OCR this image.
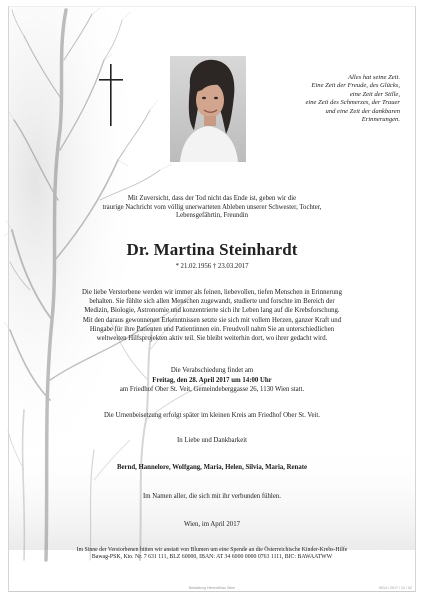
Alles hat seine Zeit.
Eine Zeit der Freude, des Glücks,
eine Zeit der Stille,
eine Zeit des Schmerzes, der Trauer
und eine Zeit der dankbaren
Erinnerungen.
Mit Zuversicht, dass der Tod nicht das Ende ist, geben wir die
traurige Nachricht vom völlig unerwarteten Ableben unserer Schwester, Tochter,
Lebensgefährtin, Freundin
Dr. Martina Steinhardt
* 21.02.1956 † 23.03.2017
Die liebe Verstorbene werden wir immer als feinen, liebevollen, tiefen Menschen in Erinnerung
behalten. Sie fühlte sich allen Menschen zugewandt, studierte und forschte im Bereich der
Medizin, Biologie, Astronomie und konzentrierte sich ihr Leben lang auf die Krebsforschung.
Mit den daraus gewonnenen Erkenntnissen setzte sie sich mit vollem Herzen, ganzer Kraft und
Hingabe für ihre Patienten und Patientinnen ein. Freudvoll nahm Sie an unterschiedlichen
weltweiten Hilfsprojekten aktiv teil. Sie bleibt weiterhin dort, wo ihrer gedacht wird.
Die Verabschiedung findet am
Freitag, den 28. April 2017 um 14:00 Uhr
am Friedhof Ober St. Veit, Gemeindeberggasse 26, 1130 Wien statt.
Die Urnenbeisetzung erfolgt später im kleinen Kreis am Friedhof Ober St. Veit.
In Liebe und Dankbarkeit
Bernd, Hannelore, Wolfgang, Maria, Helen, Silvia, Maria, Renate
Im Namen aller, die sich mit ihr verbunden fühlen.
Wien, im April 2017
Im Sinne der Verstorbenen bitten wir anstatt von Blumen um eine Spende an die Österreichische Kinder-Krebs-Hilfe
Bawag-PSK, Kto. Nr. 7 631 111, BLZ 60000, IBAN: AT 34 6000 0000 0763 1111, BIC: BAWAATWW
Bestattung Himmelblau Wien	0014 / 2017 / 12 / 02
